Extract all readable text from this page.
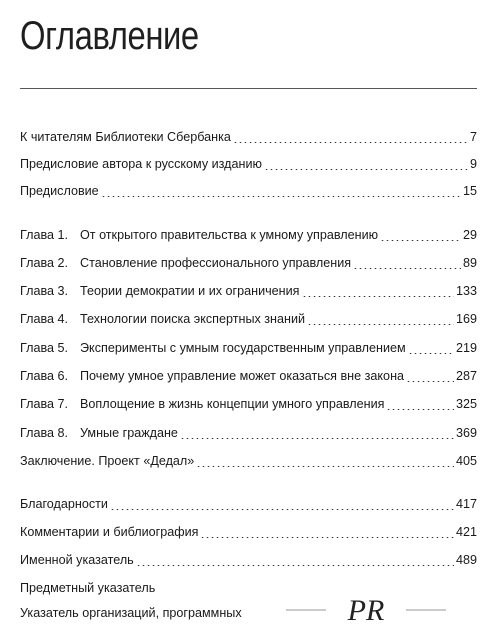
Оглавление
К читателям Библиотеки Сбербанка	7
Предисловие автора к русскому изданию	9
Предисловие	15
Глава 1. От открытого правительства к умному управлению	29
Глава 2. Становление профессионального управления	89
Глава 3. Теории демократии и их ограничения	133
Глава 4. Технологии поиска экспертных знаний	169
Глава 5. Эксперименты с умным государственным управлением	219
Глава 6. Почему умное управление может оказаться вне закона	287
Глава 7. Воплощение в жизнь концепции умного управления	325
Глава 8. Умные граждане	369
Заключение. Проект «Дедал»	405
Благодарности	417
Комментарии и библиография	421
Именной указатель	489
Предметный указатель
Указатель организаций, программных	PR
